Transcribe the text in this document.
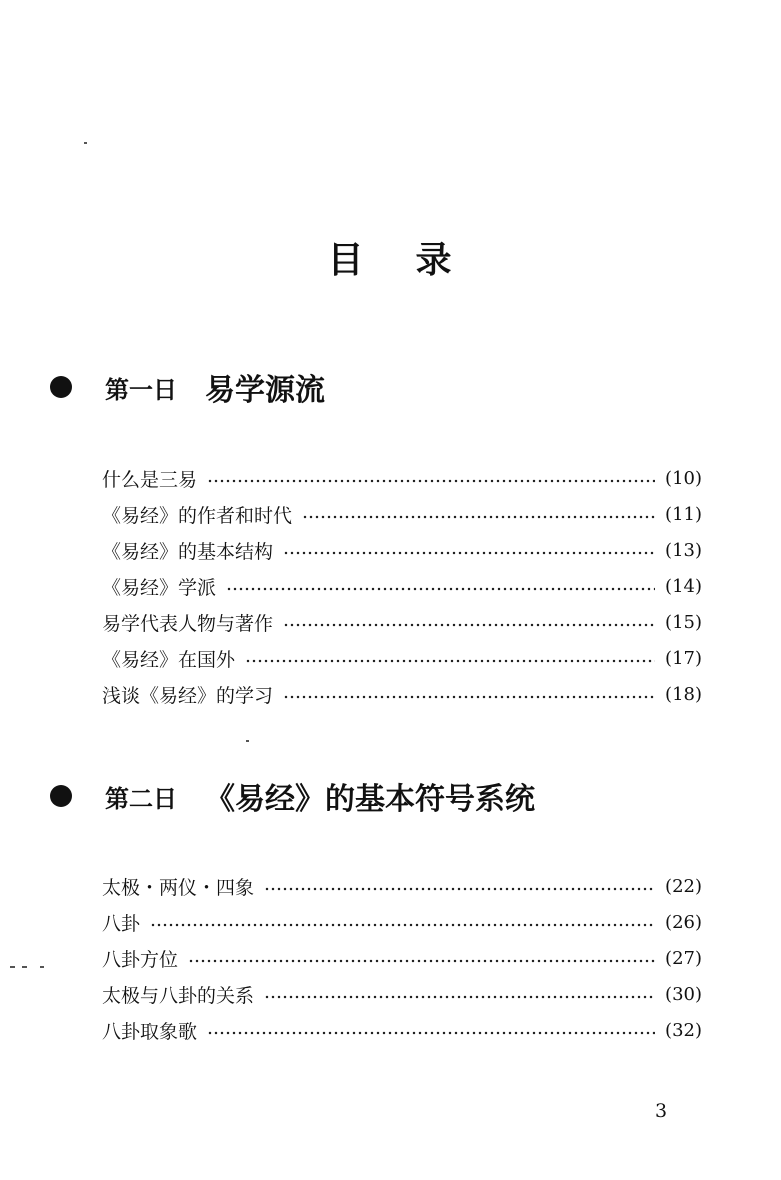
目 录
第一日 易学源流
什么是三易	(10)
《易经》的作者和时代	(11)
《易经》的基本结构	(13)
《易经》学派	(14)
易学代表人物与著作	(15)
《易经》在国外	(17)
浅谈《易经》的学习	(18)
第二日 《易经》的基本符号系统
太极・两仪・四象	(22)
八卦	(26)
八卦方位	(27)
太极与八卦的关系	(30)
八卦取象歌	(32)
3
